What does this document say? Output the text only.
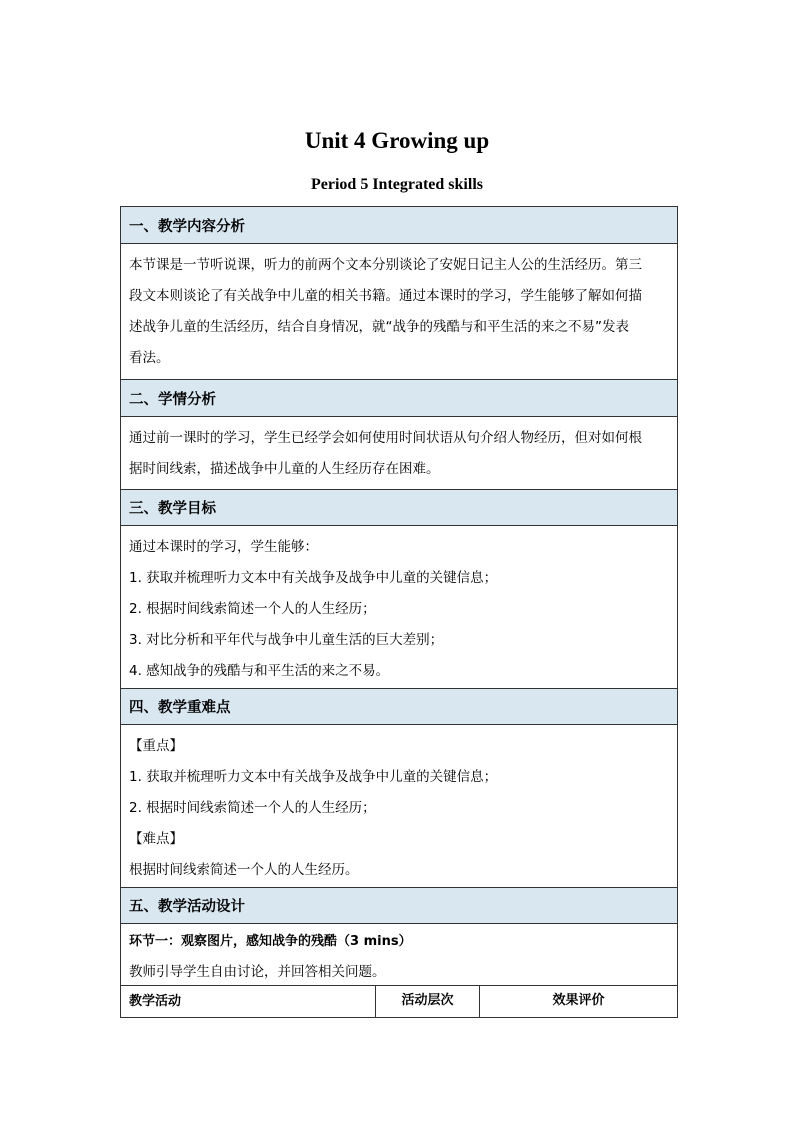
Unit 4 Growing up
Period 5 Integrated skills
一、教学内容分析
本节课是一节听说课，听力的前两个文本分别谈论了安妮日记主人公的生活经历。第三
段文本则谈论了有关战争中儿童的相关书籍。通过本课时的学习，学生能够了解如何描
述战争儿童的生活经历，结合自身情况，就“战争的残酷与和平生活的来之不易”发表
看法。
二、学情分析
通过前一课时的学习，学生已经学会如何使用时间状语从句介绍人物经历，但对如何根
据时间线索，描述战争中儿童的人生经历存在困难。
三、教学目标
通过本课时的学习，学生能够：
1. 获取并梳理听力文本中有关战争及战争中儿童的关键信息；
2. 根据时间线索简述一个人的人生经历；
3. 对比分析和平年代与战争中儿童生活的巨大差别；
4. 感知战争的残酷与和平生活的来之不易。
四、教学重难点
【重点】
1. 获取并梳理听力文本中有关战争及战争中儿童的关键信息；
2. 根据时间线索简述一个人的人生经历；
【难点】
根据时间线索简述一个人的人生经历。
五、教学活动设计
环节一：观察图片，感知战争的残酷（3 mins）
教师引导学生自由讨论，并回答相关问题。
教学活动	活动层次	效果评价
